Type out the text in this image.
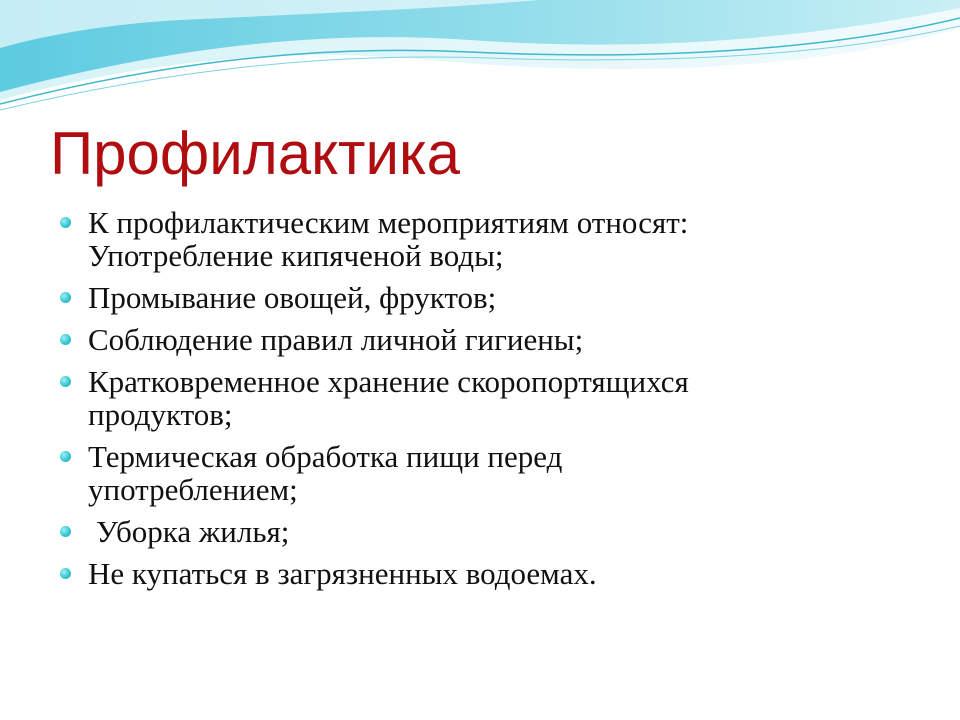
Профилактика
К профилактическим мероприятиям относят:
Употребление кипяченой воды;
Промывание овощей, фруктов;
Соблюдение правил личной гигиены;
Кратковременное хранение скоропортящихся
продуктов;
Термическая обработка пищи перед
употреблением;
Уборка жилья;
Не купаться в загрязненных водоемах.
